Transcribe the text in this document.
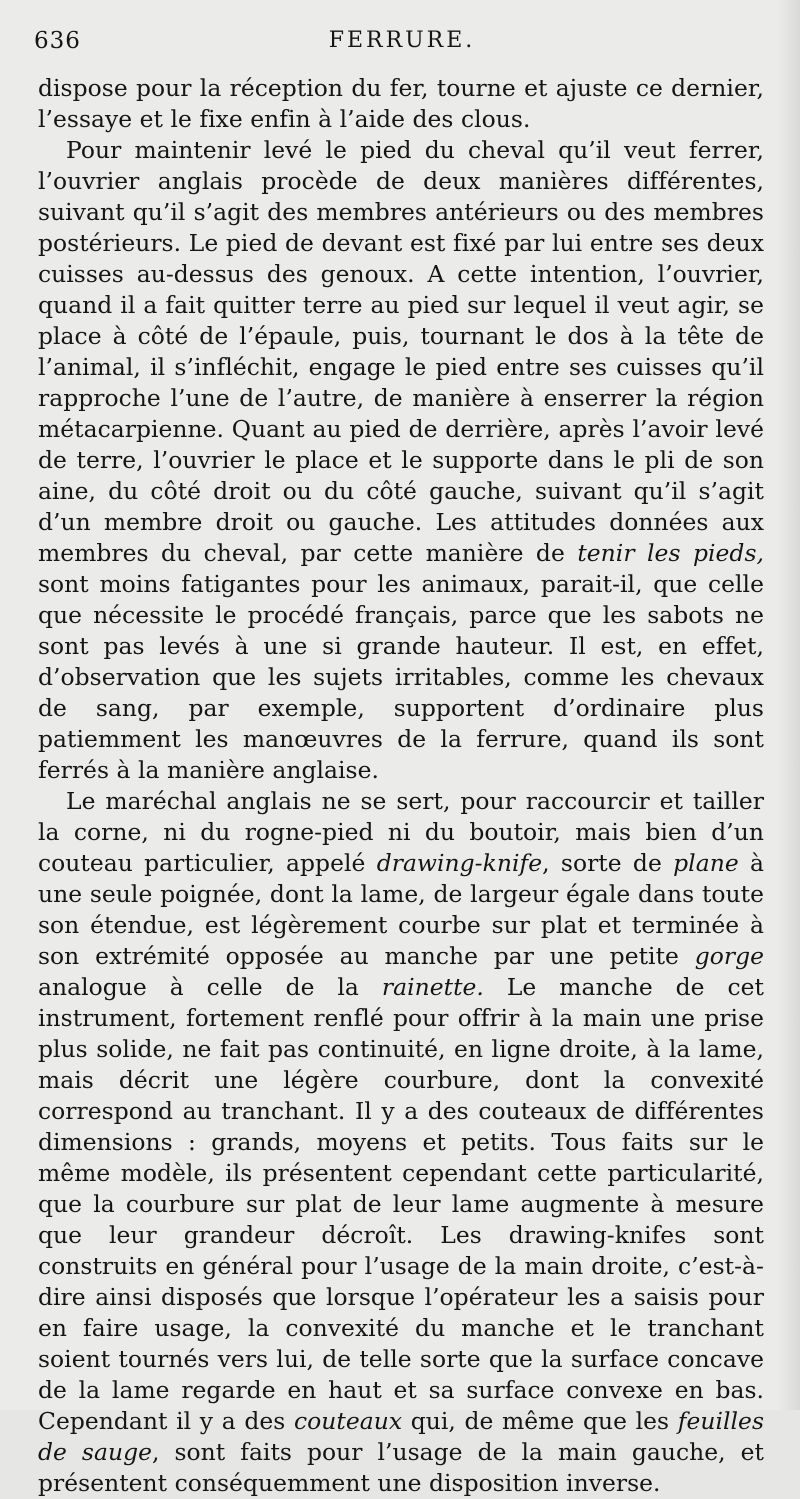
636	FERRURE.

dispose pour la réception du fer, tourne et ajuste ce dernier, l’essaye et le fixe enfin à l’aide des clous.

Pour maintenir levé le pied du cheval qu’il veut ferrer, l’ouvrier anglais procède de deux manières différentes, suivant qu’il s’agit des membres antérieurs ou des membres postérieurs. Le pied de devant est fixé par lui entre ses deux cuisses au-dessus des genoux. A cette intention, l’ouvrier, quand il a fait quitter terre au pied sur lequel il veut agir, se place à côté de l’épaule, puis, tournant le dos à la tête de l’animal, il s’infléchit, engage le pied entre ses cuisses qu’il rapproche l’une de l’autre, de manière à enserrer la région métacarpienne. Quant au pied de derrière, après l’avoir levé de terre, l’ouvrier le place et le supporte dans le pli de son aine, du côté droit ou du côté gauche, suivant qu’il s’agit d’un membre droit ou gauche. Les attitudes données aux membres du cheval, par cette manière de tenir les pieds, sont moins fatigantes pour les animaux, parait-il, que celle que nécessite le procédé français, parce que les sabots ne sont pas levés à une si grande hauteur. Il est, en effet, d’observation que les sujets irritables, comme les chevaux de sang, par exemple, supportent d’ordinaire plus patiemment les manœuvres de la ferrure, quand ils sont ferrés à la manière anglaise.

Le maréchal anglais ne se sert, pour raccourcir et tailler la corne, ni du rogne-pied ni du boutoir, mais bien d’un couteau particulier, appelé drawing-knife, sorte de plane à une seule poignée, dont la lame, de largeur égale dans toute son étendue, est légèrement courbe sur plat et terminée à son extrémité opposée au manche par une petite gorge analogue à celle de la rainette. Le manche de cet instrument, fortement renflé pour offrir à la main une prise plus solide, ne fait pas continuité, en ligne droite, à la lame, mais décrit une légère courbure, dont la convexité correspond au tranchant. Il y a des couteaux de différentes dimensions : grands, moyens et petits. Tous faits sur le même modèle, ils présentent cependant cette particularité, que la courbure sur plat de leur lame augmente à mesure que leur grandeur décroît. Les drawing-knifes sont construits en général pour l’usage de la main droite, c’est-à-dire ainsi disposés que lorsque l’opérateur les a saisis pour en faire usage, la convexité du manche et le tranchant soient tournés vers lui, de telle sorte que la surface concave de la lame regarde en haut et sa surface convexe en bas. Cependant il y a des couteaux qui, de même que les feuilles de sauge, sont faits pour l’usage de la main gauche, et présentent conséquemment une disposition inverse.
